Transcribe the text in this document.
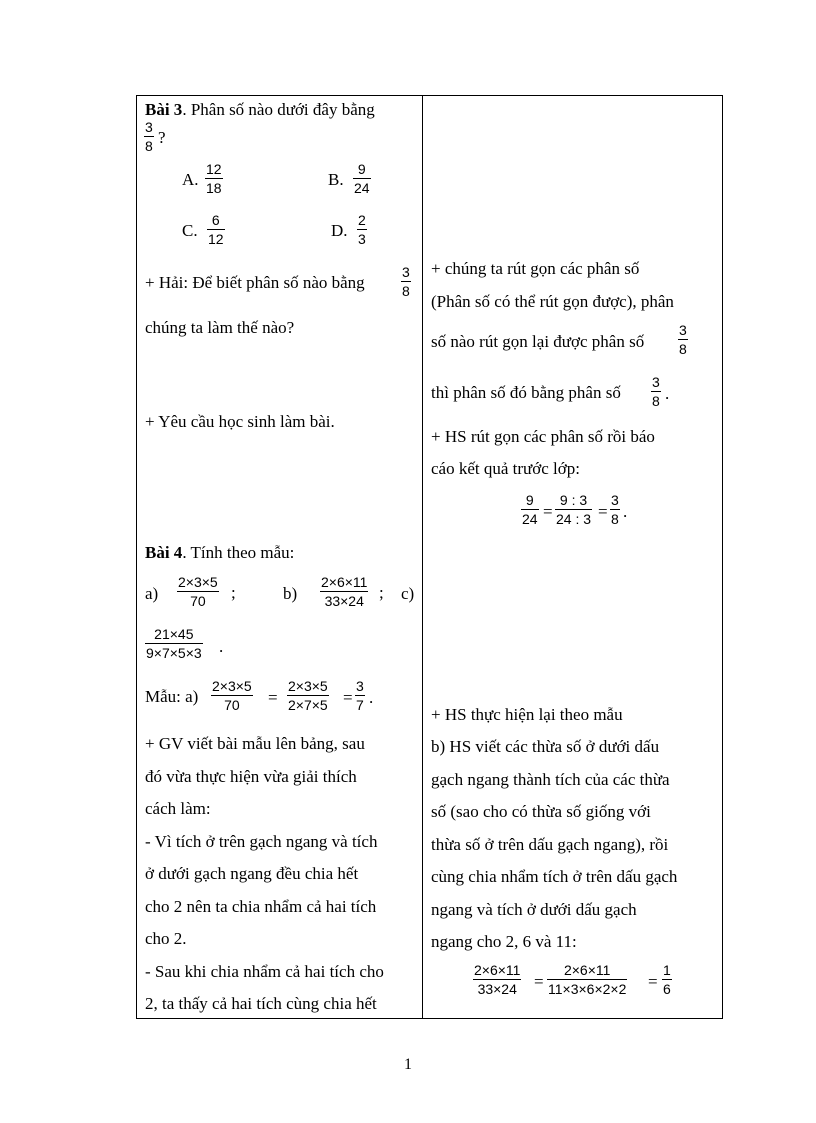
Bài 3. Phân số nào dưới đây bằng
3
8 ?
A.
12
18	B.
9
24
C.
6
12	D.
2
3
+ Hải: Để biết phân số nào bằng
3
8
chúng ta làm thế nào?
+ Yêu cầu học sinh làm bài.
Bài 4. Tính theo mẫu:
a)
2×3×5
70 ;	b)
2×6×11
33×24 ; c)
21×45
9×7×5×3 .
Mẫu: a)
2×3×5
70 =
2×3×5
2×7×5 =
3
7 .
+ GV viết bài mẫu lên bảng, sau
đó vừa thực hiện vừa giải thích
cách làm:
- Vì tích ở trên gạch ngang và tích
ở dưới gạch ngang đều chia hết
cho 2 nên ta chia nhẩm cả hai tích
cho 2.
- Sau khi chia nhẩm cả hai tích cho
2, ta thấy cả hai tích cùng chia hết
+ chúng ta rút gọn các phân số
(Phân số có thể rút gọn được), phân
số nào rút gọn lại được phân số
3
8
thì phân số đó bằng phân số
3
8 .
+ HS rút gọn các phân số rồi báo
cáo kết quả trước lớp:
9
24 =
9 : 3
24 : 3 =
3
8 .
+ HS thực hiện lại theo mẫu
b) HS viết các thừa số ở dưới dấu
gạch ngang thành tích của các thừa
số (sao cho có thừa số giống với
thừa số ở trên dấu gạch ngang), rồi
cùng chia nhẩm tích ở trên dấu gạch
ngang và tích ở dưới dấu gạch
ngang cho 2, 6 và 11:
2×6×11
33×24 =
2×6×11
11×3×6×2×2 =
1
6
1
